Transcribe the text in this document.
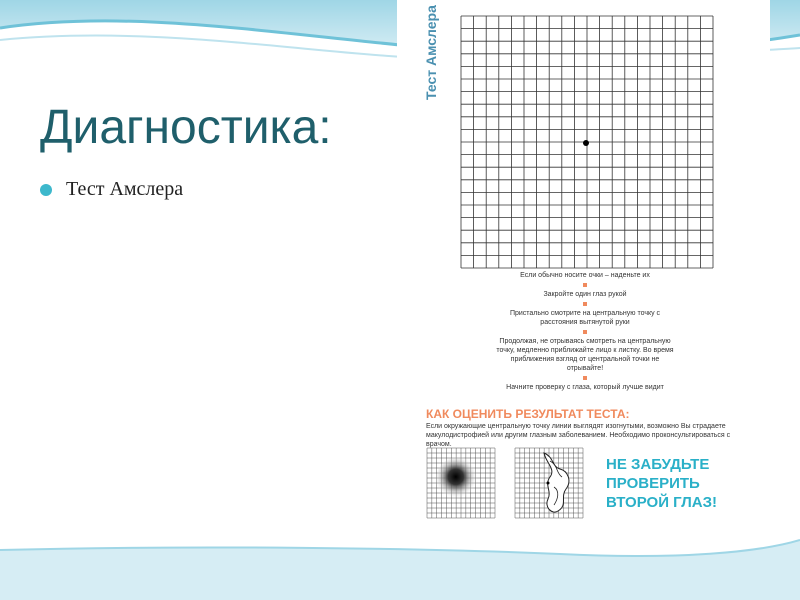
Диагностика:
Тест Амслера
Тест Амслера

Если обычно носите очки – наденьте их

Закройте один глаз рукой

Пристально смотрите на центральную точку с расстояния вытянутой руки

Продолжая, не отрываясь смотреть на центральную точку, медленно приближайте лицо к листку. Во время приближения взгляд от центральной точки не отрывайте!

Начните проверку с глаза, который лучше видит

КАК ОЦЕНИТЬ РЕЗУЛЬТАТ ТЕСТА:
Если окружающие центральную точку линии выглядят изогнутыми, возможно Вы страдаете макулодистрофией или другим глазным заболеванием. Необходимо проконсультироваться с врачом.
НЕ ЗАБУДЬТЕ ПРОВЕРИТЬ ВТОРОЙ ГЛАЗ!
